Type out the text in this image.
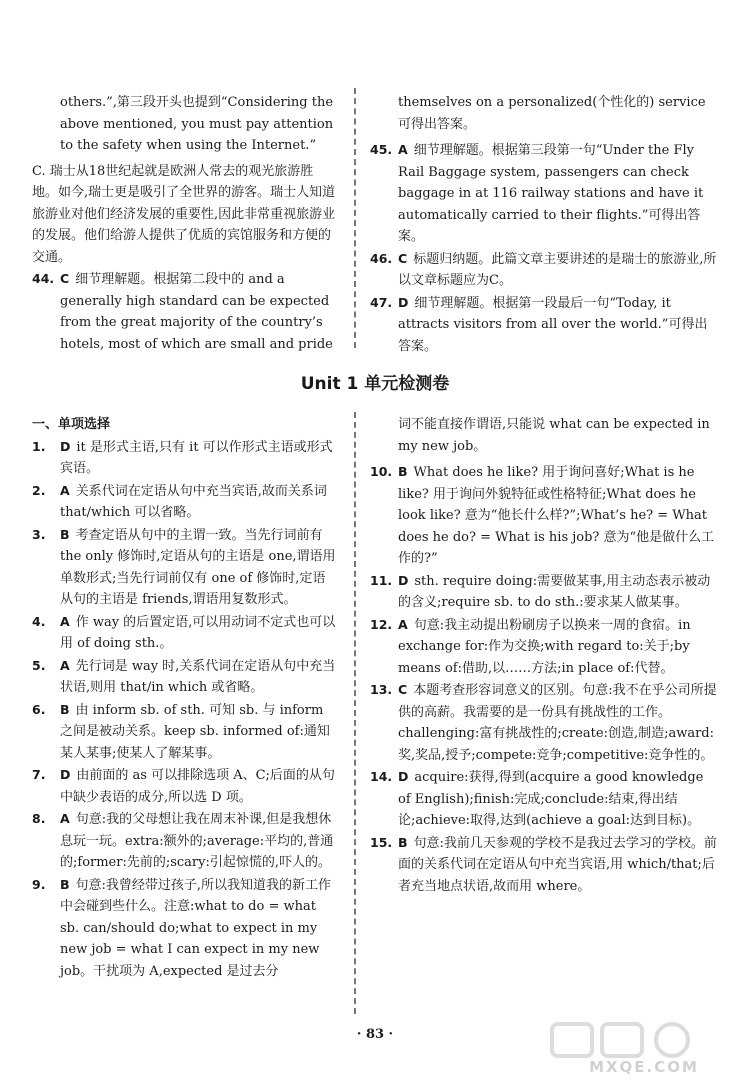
others.”,第三段开头也提到“Considering the above mentioned, you must pay attention to the safety when using the Internet.”

C. 瑞士从18世纪起就是欧洲人常去的观光旅游胜地。如今,瑞士更是吸引了全世界的游客。瑞士人知道旅游业对他们经济发展的重要性,因此非常重视旅游业的发展。他们给游人提供了优质的宾馆服务和方便的交通。

44. C 细节理解题。根据第二段中的 and a generally high standard can be expected from the great majority of the country’s hotels, most of which are small and pride

themselves on a personalized(个性化的) service 可得出答案。

45. A 细节理解题。根据第三段第一句“Under the Fly Rail Baggage system, passengers can check baggage in at 116 railway stations and have it automatically carried to their flights.”可得出答案。

46. C 标题归纳题。此篇文章主要讲述的是瑞士的旅游业,所以文章标题应为C。

47. D 细节理解题。根据第一段最后一句“Today, it attracts visitors from all over the world.”可得出答案。

Unit 1 单元检测卷

一、单项选择

1. D it 是形式主语,只有 it 可以作形式主语或形式宾语。

2. A 关系代词在定语从句中充当宾语,故而关系词 that/which 可以省略。

3. B 考查定语从句中的主谓一致。当先行词前有 the only 修饰时,定语从句的主语是 one,谓语用单数形式;当先行词前仅有 one of 修饰时,定语从句的主语是 friends,谓语用复数形式。

4. A 作 way 的后置定语,可以用动词不定式也可以用 of doing sth.。

5. A 先行词是 way 时,关系代词在定语从句中充当状语,则用 that/in which 或省略。

6. B 由 inform sb. of sth. 可知 sb. 与 inform 之间是被动关系。keep sb. informed of:通知某人某事;使某人了解某事。

7. D 由前面的 as 可以排除选项 A、C;后面的从句中缺少表语的成分,所以选 D 项。

8. A 句意:我的父母想让我在周末补课,但是我想休息玩一玩。extra:额外的;average:平均的,普通的;former:先前的;scary:引起惊慌的,吓人的。

9. B 句意:我曾经带过孩子,所以我知道我的新工作中会碰到些什么。注意:what to do = what sb. can/should do;what to expect in my new job = what I can expect in my new job。干扰项为 A,expected 是过去分

词不能直接作谓语,只能说 what can be expected in my new job。

10. B What does he like? 用于询问喜好;What is he like? 用于询问外貌特征或性格特征;What does he look like? 意为“他长什么样?”;What’s he? = What does he do? = What is his job? 意为“他是做什么工作的?”

11. D sth. require doing:需要做某事,用主动态表示被动的含义;require sb. to do sth.:要求某人做某事。

12. A 句意:我主动提出粉刷房子以换来一周的食宿。in exchange for:作为交换;with regard to:关于;by means of:借助,以……方法;in place of:代替。

13. C 本题考查形容词意义的区别。句意:我不在乎公司所提供的高薪。我需要的是一份具有挑战性的工作。challenging:富有挑战性的;create:创造,制造;award:奖,奖品,授予;compete:竞争;competitive:竞争性的。

14. D acquire:获得,得到(acquire a good knowledge of English);finish:完成;conclude:结束,得出结论;achieve:取得,达到(achieve a goal:达到目标)。

15. B 句意:我前几天参观的学校不是我过去学习的学校。前面的关系代词在定语从句中充当宾语,用 which/that;后者充当地点状语,故而用 where。

· 83 ·
MXQE.COM
